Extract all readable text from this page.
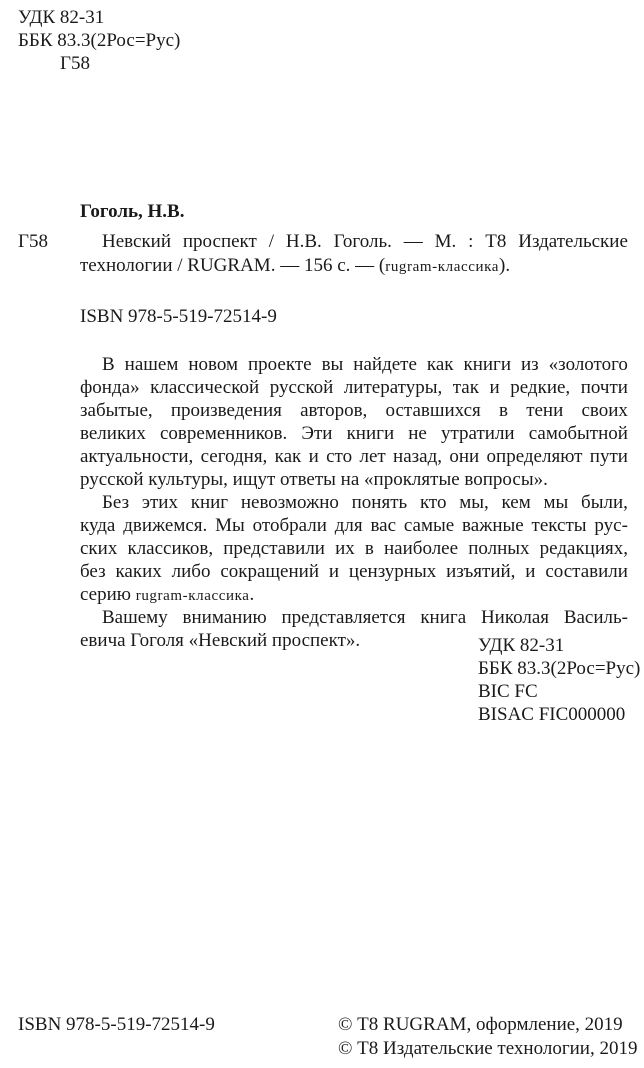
УДК 82-31
ББК 83.3(2Рос=Рус)
Г58
Гоголь, Н.В.
Г58	Невский проспект / Н.В. Гоголь. — М. : Т8 Издательские
технологии / RUGRAM. — 156 с. — (rugram-классика).
ISBN 978-5-519-72514-9
В нашем новом проекте вы найдете как книги из «золотого
фонда» классической русской литературы, так и редкие, почти
забытые, произведения авторов, оставшихся в тени своих
великих современников. Эти книги не утратили самобытной
актуальности, сегодня, как и сто лет назад, они определяют пути
русской культуры, ищут ответы на «проклятые вопросы».
Без этих книг невозможно понять кто мы, кем мы были,
куда движемся. Мы отобрали для вас самые важные тексты рус-
ских классиков, представили их в наиболее полных редакциях,
без каких либо сокращений и цензурных изъятий, и составили
серию rugram-классика.
Вашему вниманию представляется книга Николая Василь-
евича Гоголя «Невский проспект».	УДК 82-31
ББК 83.3(2Рос=Рус)
BIC FC
BISAC FIC000000
ISBN 978-5-519-72514-9	© Т8 RUGRAM, оформление, 2019
© Т8 Издательские технологии, 2019
